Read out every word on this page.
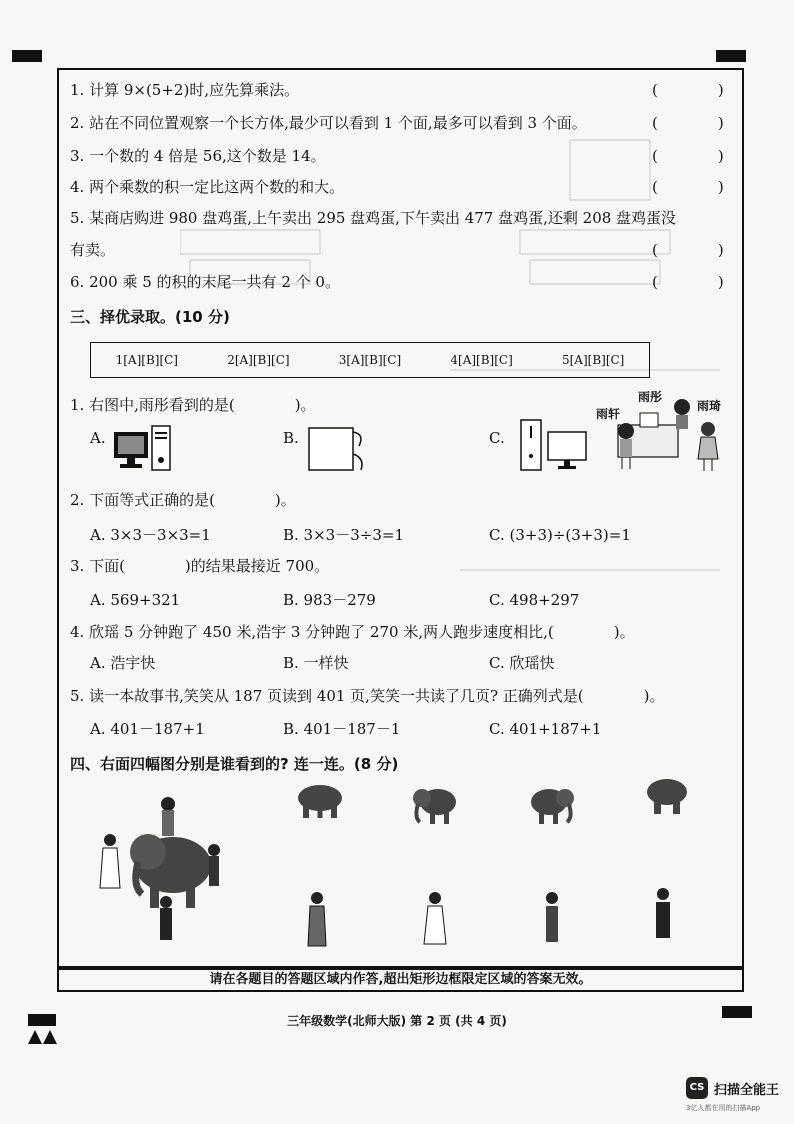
1. 计算 9×(5+2)时,应先算乘法。	(　　　　)
2. 站在不同位置观察一个长方体,最少可以看到 1 个面,最多可以看到 3 个面。	(　　　　)
3. 一个数的 4 倍是 56,这个数是 14。	(　　　　)
4. 两个乘数的积一定比这两个数的和大。	(　　　　)
5. 某商店购进 980 盘鸡蛋,上午卖出 295 盘鸡蛋,下午卖出 477 盘鸡蛋,还剩 208 盘鸡蛋没
有卖。	(　　　　)
6. 200 乘 5 的积的末尾一共有 2 个 0。	(　　　　)
三、择优录取。(10 分)
1[A][B][C]	2[A][B][C]	3[A][B][C]	4[A][B][C]	5[A][B][C]
1. 右图中,雨彤看到的是(　　　　)。
A.	B.	C.
雨彤
雨轩
雨琦
2. 下面等式正确的是(　　　　)。
A. 3×3－3×3=1	B. 3×3－3÷3=1	C. (3+3)÷(3+3)=1
3. 下面(　　　　)的结果最接近 700。
A. 569+321	B. 983－279	C. 498+297
4. 欣瑶 5 分钟跑了 450 米,浩宇 3 分钟跑了 270 米,两人跑步速度相比,(　　　　)。
A. 浩宇快	B. 一样快	C. 欣瑶快
5. 读一本故事书,笑笑从 187 页读到 401 页,笑笑一共读了几页? 正确列式是(　　　　)。
A. 401－187+1	B. 401－187－1	C. 401+187+1
四、右面四幅图分别是谁看到的? 连一连。(8 分)
请在各题目的答题区域内作答,超出矩形边框限定区域的答案无效。
三年级数学(北师大版) 第 2 页 (共 4 页)
CS 扫描全能王
3亿人都在用的扫描App
